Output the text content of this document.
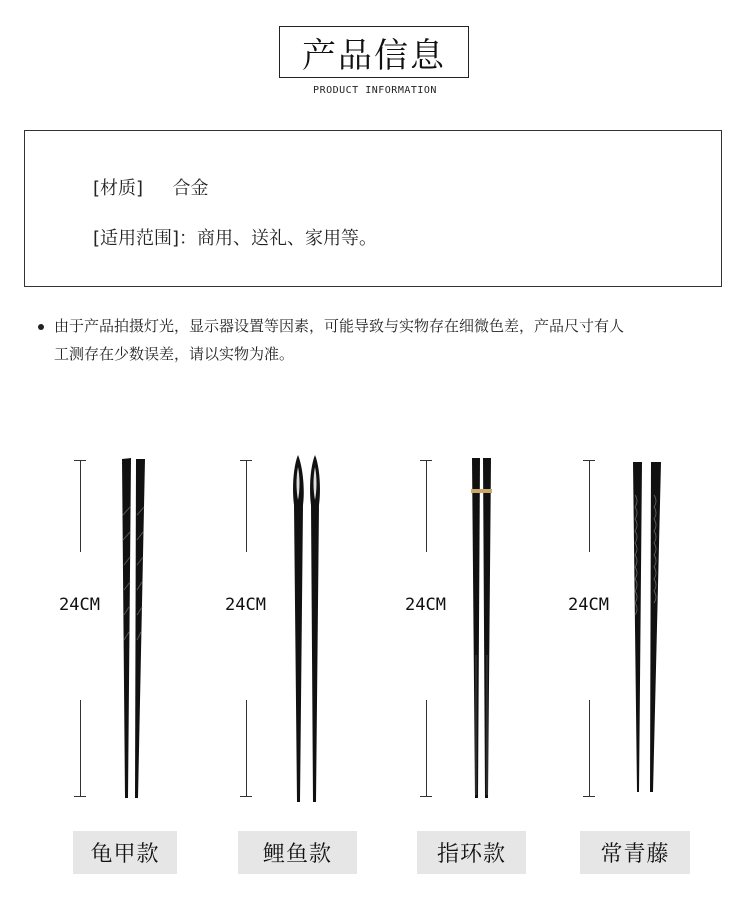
产品信息
PRODUCT INFORMATION
[材质] 合金
[适用范围]：商用、送礼、家用等。
由于产品拍摄灯光，显示器设置等因素，可能导致与实物存在细微色差，产品尺寸有人
工测存在少数误差，请以实物为准。
24CM	24CM	24CM	24CM
龟甲款	鲤鱼款	指环款	常青藤
